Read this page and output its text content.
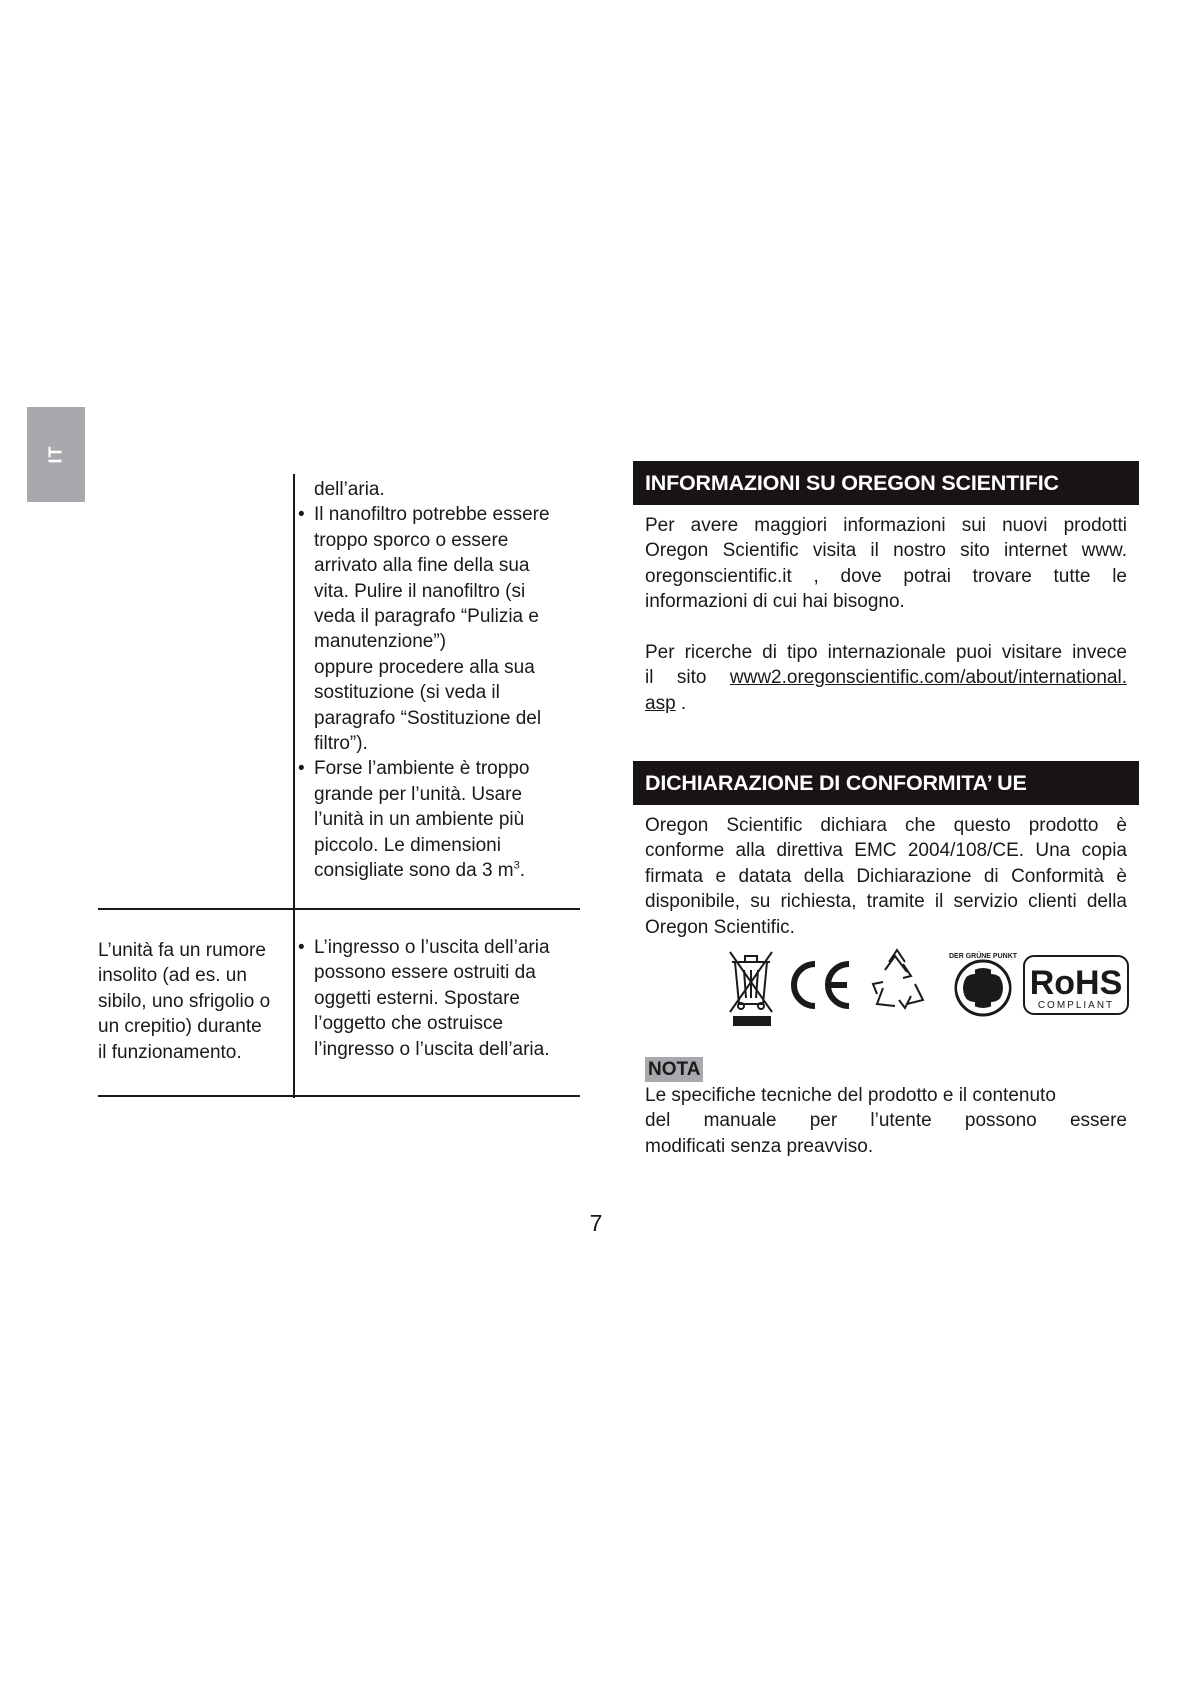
IT
dell’aria.
• Il nanofiltro potrebbe essere
troppo sporco o essere
arrivato alla fine della sua
vita. Pulire il nanofiltro (si
veda il paragrafo “Pulizia e
manutenzione”)
oppure procedere alla sua
sostituzione (si veda il
paragrafo “Sostituzione del
filtro”).
• Forse l’ambiente è troppo
grande per l’unità. Usare
l’unità in un ambiente più
piccolo. Le dimensioni
consigliate sono da 3 $m^3$.
L’unità fa un rumore
insolito (ad es. un
sibilo, uno sfrigolio o
un crepitio) durante
il funzionamento.
• L’ingresso o l’uscita dell’aria
possono essere ostruiti da
oggetti esterni. Spostare
l’oggetto che ostruisce
l’ingresso o l’uscita dell’aria.
INFORMAZIONI SU OREGON SCIENTIFIC
Per avere maggiori informazioni sui nuovi prodotti
Oregon Scientific visita il nostro sito internet www.
oregonscientific.it , dove potrai trovare tutte le
informazioni di cui hai bisogno.
Per ricerche di tipo internazionale puoi visitare invece
il sito www2.oregonscientific.com/about/international.
asp .
DICHIARAZIONE DI CONFORMITA’ UE
Oregon Scientific dichiara che questo prodotto è
conforme alla direttiva EMC 2004/108/CE. Una copia
firmata e datata della Dichiarazione di Conformità è
disponibile, su richiesta, tramite il servizio clienti della
Oregon Scientific.
DER GRÜNE PUNKT
RoHS
COMPLIANT
NOTA
Le specifiche tecniche del prodotto e il contenuto
del manuale per l’utente possono essere
modificati senza preavviso.
7
